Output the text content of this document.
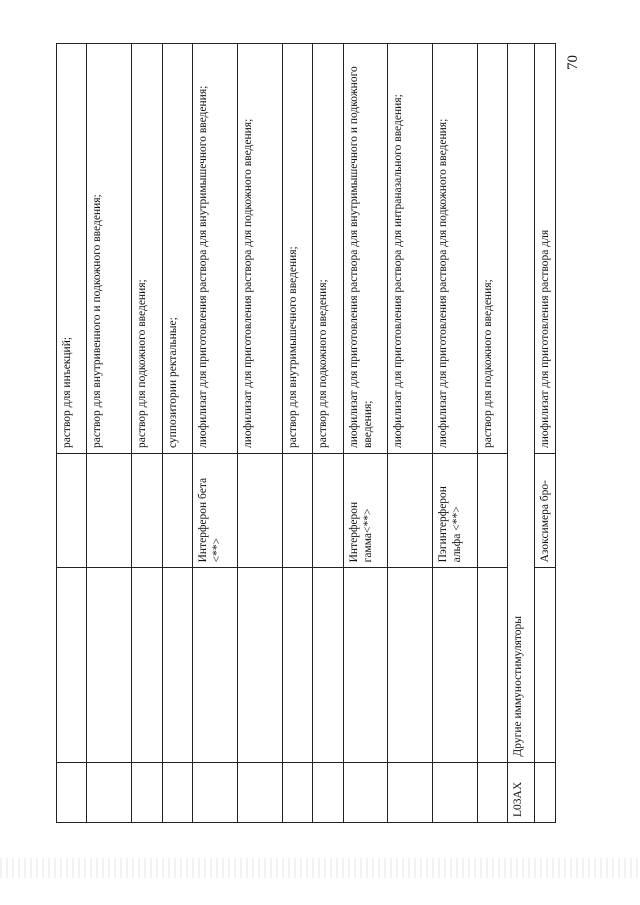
			раствор для инъекций;
			раствор для внутривенного и подкожного введения;
			раствор для подкожного введения;
			суппозитории ректальные;
		Интерферон бета <**>	лиофилизат для приготовления раствора для внутримышечного введения;
			лиофилизат для приготовления раствора для подкожного введения;
			раствор для внутримышечного введения;
			раствор для подкожного введения;
		Интерферон гамма<**>	лиофилизат для приготовления раствора для внутримышечного и подкожного введения;
			лиофилизат для приготовления раствора для интраназального введения;
		Пэгинтерферон альфа <**>	лиофилизат для приготовления раствора для подкожного введения;
			раствор для подкожного введения;
L03AX	Другие иммуностимуляторы		
		Азоксимера бро-	лиофилизат для приготовления раствора для
70
